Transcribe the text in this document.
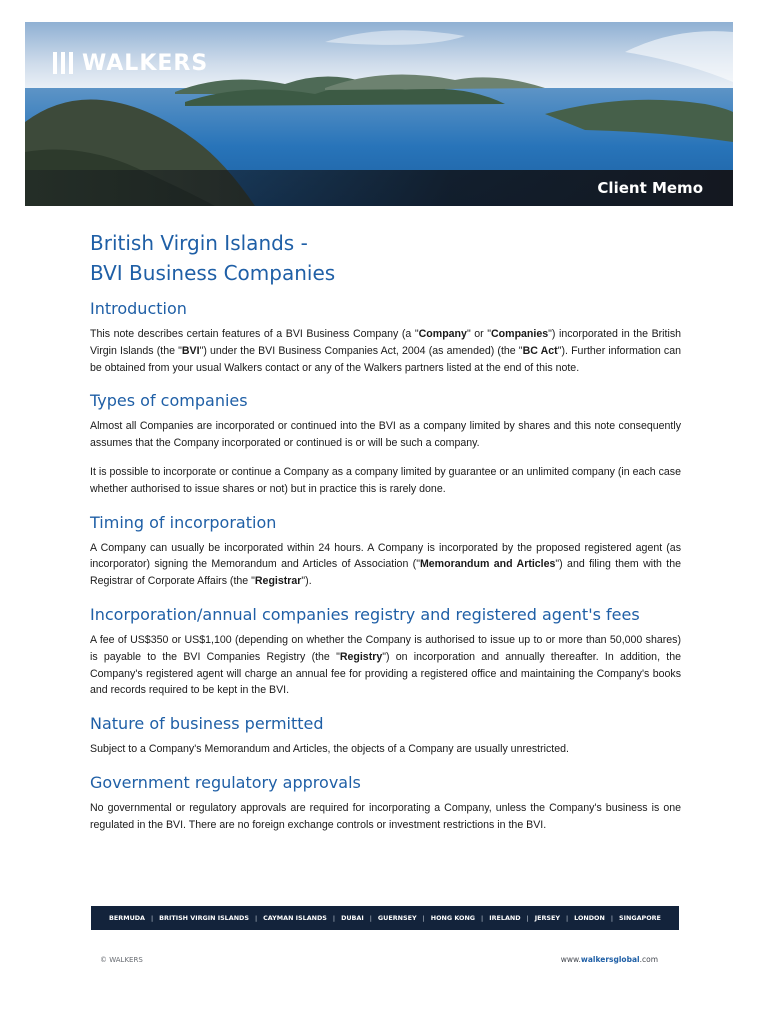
WALKERS
Client Memo
British Virgin Islands -
BVI Business Companies
Introduction

This note describes certain features of a BVI Business Company (a "Company" or "Companies") incorporated in the British Virgin Islands (the "BVI") under the BVI Business Companies Act, 2004 (as amended) (the "BC Act"). Further information can be obtained from your usual Walkers contact or any of the Walkers partners listed at the end of this note.

Types of companies

Almost all Companies are incorporated or continued into the BVI as a company limited by shares and this note consequently assumes that the Company incorporated or continued is or will be such a company.

It is possible to incorporate or continue a Company as a company limited by guarantee or an unlimited company (in each case whether authorised to issue shares or not) but in practice this is rarely done.

Timing of incorporation

A Company can usually be incorporated within 24 hours. A Company is incorporated by the proposed registered agent (as incorporator) signing the Memorandum and Articles of Association ("Memorandum and Articles") and filing them with the Registrar of Corporate Affairs (the "Registrar").

Incorporation/annual companies registry and registered agent's fees

A fee of US$350 or US$1,100 (depending on whether the Company is authorised to issue up to or more than 50,000 shares) is payable to the BVI Companies Registry (the "Registry") on incorporation and annually thereafter. In addition, the Company's registered agent will charge an annual fee for providing a registered office and maintaining the Company's books and records required to be kept in the BVI.

Nature of business permitted

Subject to a Company's Memorandum and Articles, the objects of a Company are usually unrestricted.

Government regulatory approvals

No governmental or regulatory approvals are required for incorporating a Company, unless the Company's business is one regulated in the BVI. There are no foreign exchange controls or investment restrictions in the BVI.

BERMUDA | BRITISH VIRGIN ISLANDS | CAYMAN ISLANDS | DUBAI | GUERNSEY | HONG KONG | IRELAND | JERSEY | LONDON | SINGAPORE
© WALKERS	www.walkersglobal.com
